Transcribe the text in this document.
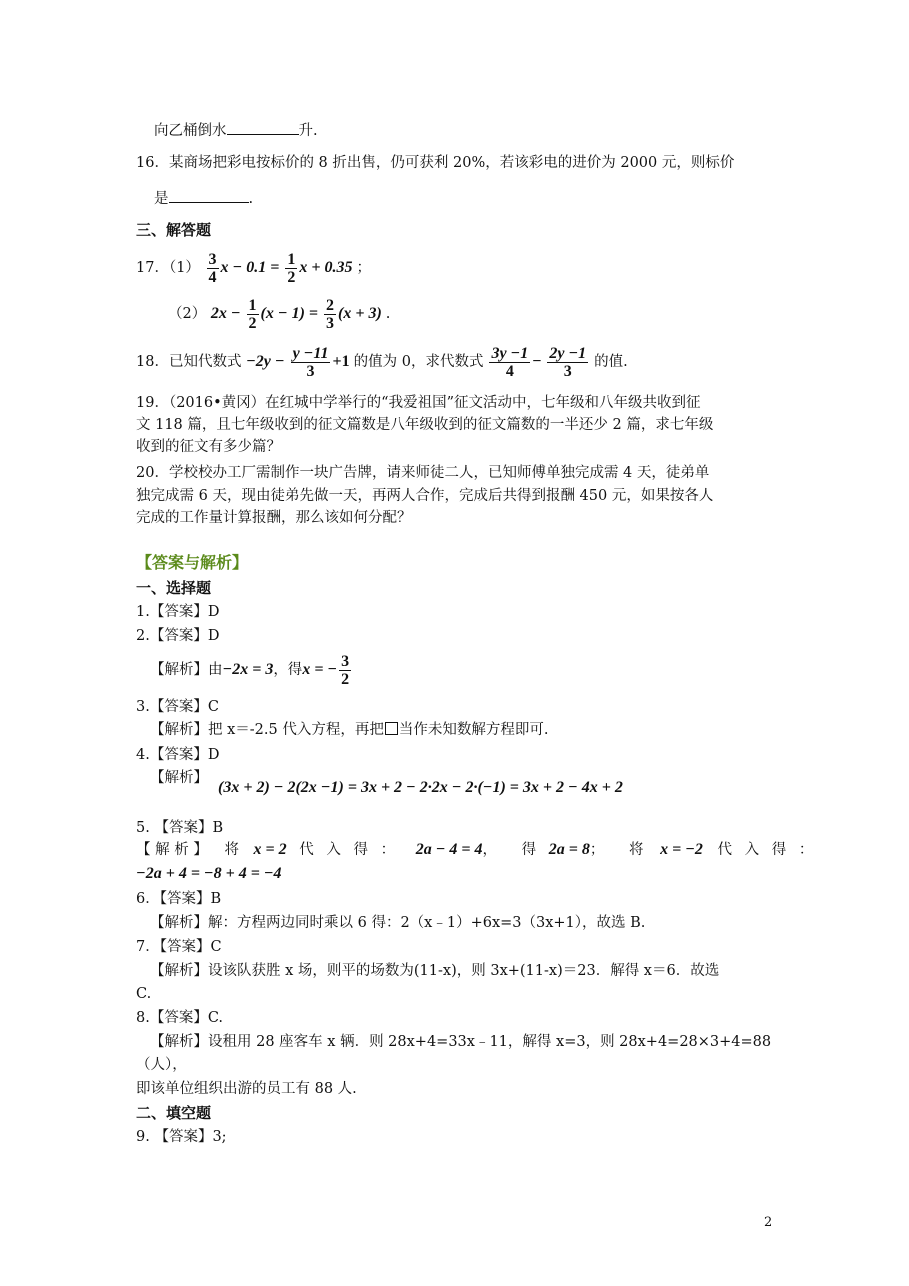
向乙桶倒水	升.
16．某商场把彩电按标价的 8 折出售，仍可获利 20%，若该彩电的进价为 2000 元，则标价
是	.
三、解答题
17．$(1) \frac{3}{4}$ $x - 0.1 = \frac{1}{2}$ x + 0.35 ；
（2） $2x - \frac{1}{2} (x - 1) = \frac{2}{3} (x + 3)$ .
18．已知代数式 $-2y - \frac{y -11}{3} +1$ 的值为 0，求代数式 $\frac{3y -1}{4} - \frac{2y -1}{3}$ 的值.
19．（2016•黄冈）在红城中学举行的“我爱祖国”征文活动中，七年级和八年级共收到征
文 118 篇，且七年级收到的征文篇数是八年级收到的征文篇数的一半还少 2 篇，求七年级
收到的征文有多少篇？
20．学校校办工厂需制作一块广告牌，请来师徒二人，已知师傅单独完成需 4 天，徒弟单
独完成需 6 天，现由徒弟先做一天，再两人合作，完成后共得到报酬 450 元，如果按各人
完成的工作量计算报酬，那么该如何分配？
【答案与解析】
一、选择题
1.【答案】D
2.【答案】D
【解析】由−2x = 3，得x = − $\frac{3}{2}$
3.【答案】C
【解析】把 x＝-2.5 代入方程，再把 当作未知数解方程即可.
4.【答案】D
【解析】
(3x + 2) − 2(2x −1) = 3x + 2 − 2·2x − 2·(−1) = 3x + 2 − 4x + 2
5. 【答案】B
【 解 析 】 将 x = 2 代 入 得 ： 2a − 4 = 4， 得 2a = 8； 将 x = −2 代 入 得 ：
−2a + 4 = −8 + 4 = −4
6．【答案】B
【解析】解：方程两边同时乘以 6 得：2（x﹣1）+6x=3（3x+1），故选 B.
7．【答案】C
【解析】设该队获胜 x 场，则平的场数为(11-x)，则 3x+(11-x)＝23．解得 x＝6．故选
C.
8.【答案】C.
【解析】设租用 28 座客车 x 辆．则 28x+4=33x﹣11，解得 x=3，则 28x+4=28×3+4=88
（人），
即该单位组织出游的员工有 88 人.
二、填空题
9. 【答案】3;
2
